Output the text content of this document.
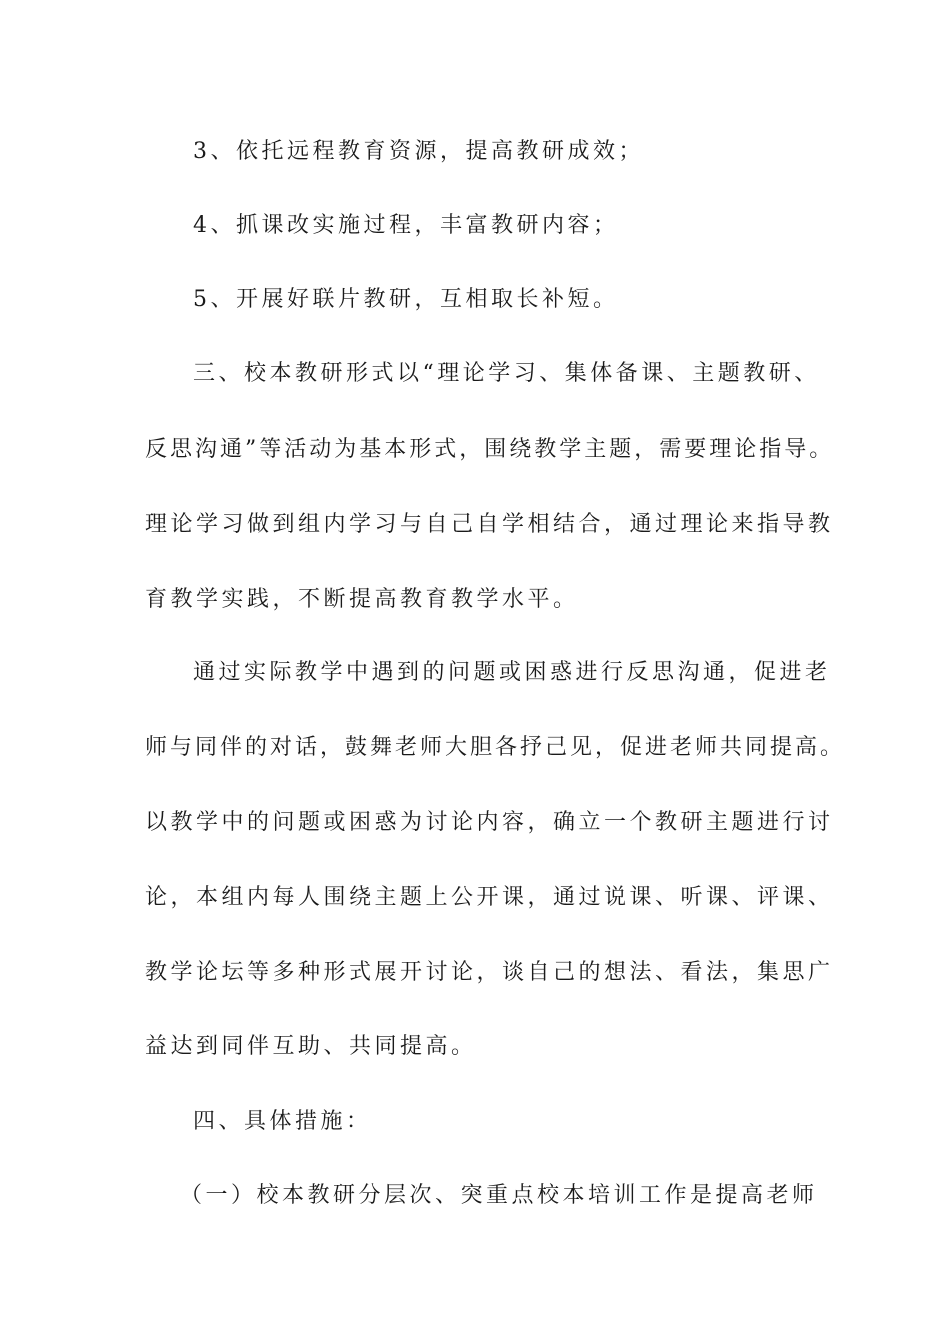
3、依托远程教育资源，提高教研成效；
4、抓课改实施过程，丰富教研内容；
5、开展好联片教研，互相取长补短。
三、校本教研形式以“理论学习、集体备课、主题教研、
反思沟通”等活动为基本形式，围绕教学主题，需要理论指导。
理论学习做到组内学习与自己自学相结合，通过理论来指导教
育教学实践，不断提高教育教学水平。
通过实际教学中遇到的问题或困惑进行反思沟通，促进老
师与同伴的对话，鼓舞老师大胆各抒己见，促进老师共同提高。
以教学中的问题或困惑为讨论内容，确立一个教研主题进行讨
论，本组内每人围绕主题上公开课，通过说课、听课、评课、
教学论坛等多种形式展开讨论，谈自己的想法、看法，集思广
益达到同伴互助、共同提高。
四、具体措施：
（一）校本教研分层次、突重点校本培训工作是提高老师
